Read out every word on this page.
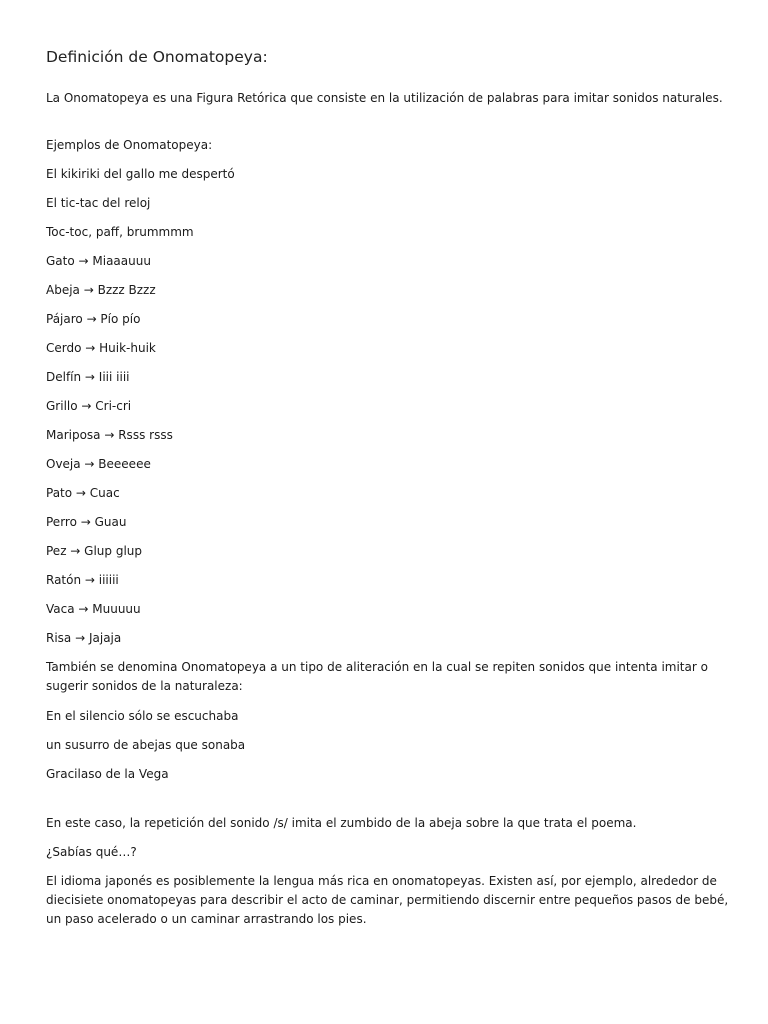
Definición de Onomatopeya:
La Onomatopeya es una Figura Retórica que consiste en la utilización de palabras para imitar sonidos naturales.
Ejemplos de Onomatopeya:
El kikiriki del gallo me despertó
El tic-tac del reloj
Toc-toc, paff, brummmm
Gato → Miaaauuu
Abeja → Bzzz Bzzz
Pájaro → Pío pío
Cerdo → Huik-huik
Delfín → Iiii iiii
Grillo → Cri-cri
Mariposa → Rsss rsss
Oveja → Beeeeee
Pato → Cuac
Perro → Guau
Pez → Glup glup
Ratón → iiiiii
Vaca → Muuuuu
Risa → Jajaja
También se denomina Onomatopeya a un tipo de aliteración en la cual se repiten sonidos que intenta imitar o sugerir sonidos de la naturaleza:
En el silencio sólo se escuchaba
un susurro de abejas que sonaba
Gracilaso de la Vega
En este caso, la repetición del sonido /s/ imita el zumbido de la abeja sobre la que trata el poema.
¿Sabías qué…?
El idioma japonés es posiblemente la lengua más rica en onomatopeyas. Existen así, por ejemplo, alrededor de diecisiete onomatopeyas para describir el acto de caminar, permitiendo discernir entre pequeños pasos de bebé, un paso acelerado o un caminar arrastrando los pies.
